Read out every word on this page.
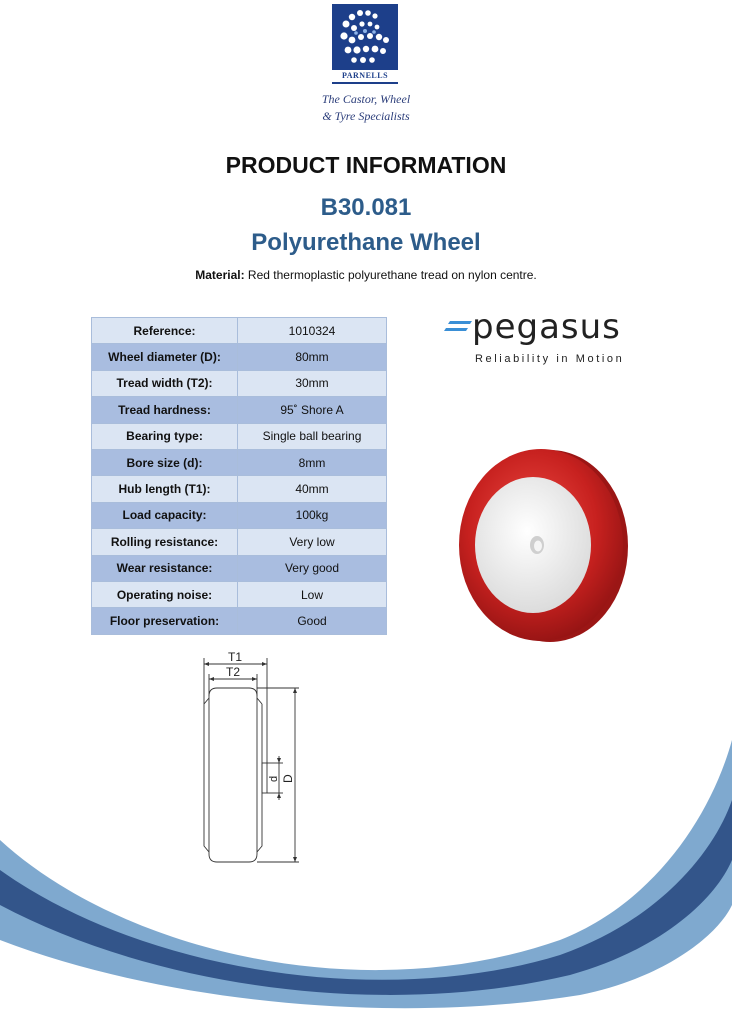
PARNELLS
The Castor, Wheel
& Tyre Specialists
PRODUCT INFORMATION
B30.081
Polyurethane Wheel
Material: Red thermoplastic polyurethane tread on nylon centre.
Reference:	1010324
Wheel diameter (D):	80mm
Tread width (T2):	30mm
Tread hardness:	95˚ Shore A
Bearing type:	Single ball bearing
Bore size (d):	8mm
Hub length (T1):	40mm
Load capacity:	100kg
Rolling resistance:	Very low
Wear resistance:	Very good
Operating noise:	Low
Floor preservation:	Good
pegasus
Reliability in Motion
T1
T2
d D
